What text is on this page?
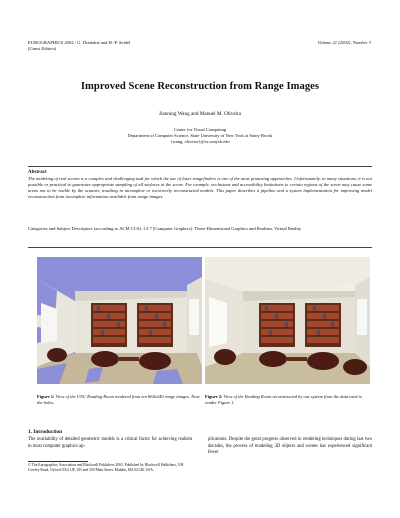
EUROGRAPHICS 2002 / G. Drettakis and H.-P. Seidel
(Guest Editors)
Volume 21 (2002), Number 3
Improved Scene Reconstruction from Range Images
Jianning Wang and Manuel M. Oliveira
Center for Visual Computing
Department of Computer Science, State University of New York at Stony Brook
{wang, oliveira}@cs.sunysb.edu
Abstract
The modeling of real scenes is a complex and challenging task for which the use of laser rangefinders is one of the most promising approaches. Unfortunately, in many situations, it is not possible or practical to guarantee appropriate sampling of all surfaces in the scene. For example, occlusions and accessibility limitations to certain regions of the scene may cause some areas not to be visible by the scanner, resulting in incomplete or incorrectly reconstructed models. This paper describes a pipeline and a system implementation for improving model reconstruction from incomplete information available from range images.
Categories and Subject Descriptors (according to ACM CCS): I.3.7 [Computer Graphics]: Three-Dimensional Graphics and Realism, Virtual Reality
Figure 1: View of the UNC Reading Room rendered from ten 864x240 range images. Note the holes.
Figure 2: View of the Reading Room reconstructed by our system from the data used to render Figure 1.
1. Introduction
The availability of detailed geometric models is a critical factor for achieving realism in most computer graphics ap-
plications. Despite the great progress observed in rendering techniques during last two decades, the process of modeling 3D objects and scenes has experienced significant fewer
© The Eurographics Association and Blackwell Publishers 2002. Published by Blackwell Publishers, 108 Cowley Road, Oxford OX4 1JF, UK and 350 Main Street, Malden, MA 02148, USA.
